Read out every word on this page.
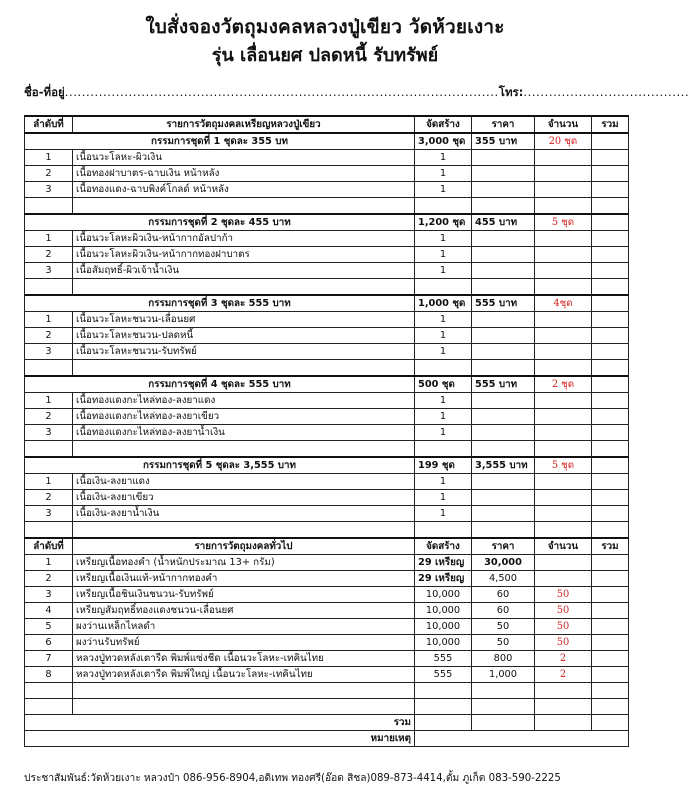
ใบสั่งจองวัตถุมงคลหลวงปู่เขียว วัดห้วยเงาะ
รุ่น เลื่อนยศ ปลดหนี้ รับทรัพย์
ชื่อ-ที่อยู่......................................................................................................โทร:.......................................
ลำดับที่	รายการวัตถุมงคลเหรียญหลวงปู่เขียว	จัดสร้าง	ราคา	จำนวน	รวม
กรรมการชุดที่ 1 ชุดละ 355 บท		3,000 ชุด	355 บาท	20 ชุด	
1	เนื้อนวะโลหะ-ผิวเงิน	1			
2	เนื้อทองฝาบาตร-ฉาบเงิน หน้าหลัง	1			
3	เนื้อทองแดง-ฉาบพิงค์โกลด์ หน้าหลัง	1			

กรรมการชุดที่ 2 ชุดละ 455 บาท		1,200 ชุด	455 บาท	5 ชุด	
1	เนื้อนวะโลหะผิวเงิน-หน้ากากอัลปาก้า	1			
2	เนื้อนวะโลหะผิวเงิน-หน้ากากทองฝาบาตร	1			
3	เนื้อสัมฤทธิ์-ผิวเจ้าน้ำเงิน	1			

กรรมการชุดที่ 3 ชุดละ 555 บาท		1,000 ชุด	555 บาท	4ชุด	
1	เนื้อนวะโลหะชนวน-เลื่อนยศ	1			
2	เนื้อนวะโลหะชนวน-ปลดหนี้	1			
3	เนื้อนวะโลหะชนวน-รับทรัพย์	1			

กรรมการชุดที่ 4 ชุดละ 555 บาท		500 ชุด	555 บาท	2 ชุด	
1	เนื้อทองแดงกะไหล่ทอง-ลงยาแดง	1			
2	เนื้อทองแดงกะไหล่ทอง-ลงยาเขียว	1			
3	เนื้อทองแดงกะไหล่ทอง-ลงยาน้ำเงิน	1			

กรรมการชุดที่ 5 ชุดละ 3,555 บาท		199 ชุด	3,555 บาท	5 ชุด	
1	เนื้อเงิน-ลงยาแดง	1			
2	เนื้อเงิน-ลงยาเขียว	1			
3	เนื้อเงิน-ลงยาน้ำเงิน	1			

ลำดับที่	รายการวัตถุมงคลทั่วไป	จัดสร้าง	ราคา	จำนวน	รวม
1	เหรียญเนื้อทองคำ (น้ำหนักประมาณ 13+ กรัม)	29 เหรียญ	30,000		
2	เหรียญเนื้อเงินแท้-หน้ากากทองคำ	29 เหรียญ	4,500		
3	เหรียญเนื้อชินเงินชนวน-รับทรัพย์	10,000	60	50	
4	เหรียญสัมฤทธิ์ทองแดงชนวน-เลื่อนยศ	10,000	60	50	
5	ผงว่านเหล็กไหลดำ	10,000	50	50	
6	ผงว่านรับทรัพย์	10,000	50	50	
7	หลวงปู่ทวดหลังเตารีด พิมพ์แซ่งชีด เนื้อนวะโลหะ-เทคินไทย	555	800	2	
8	หลวงปู่ทวดหลังเตารีด พิมพ์ใหญ่ เนื้อนวะโลหะ-เทคินไทย	555	1,000	2	

รวม					
หมายเหตุ					
ประชาสัมพันธ์:วัดห้วยเงาะ หลวงป๋า 086-956-8904,อดิเทพ ทองศรี(อ๊อด สิชล)089-873-4414,ตั้ม ภูเก็ต 083-590-2225
